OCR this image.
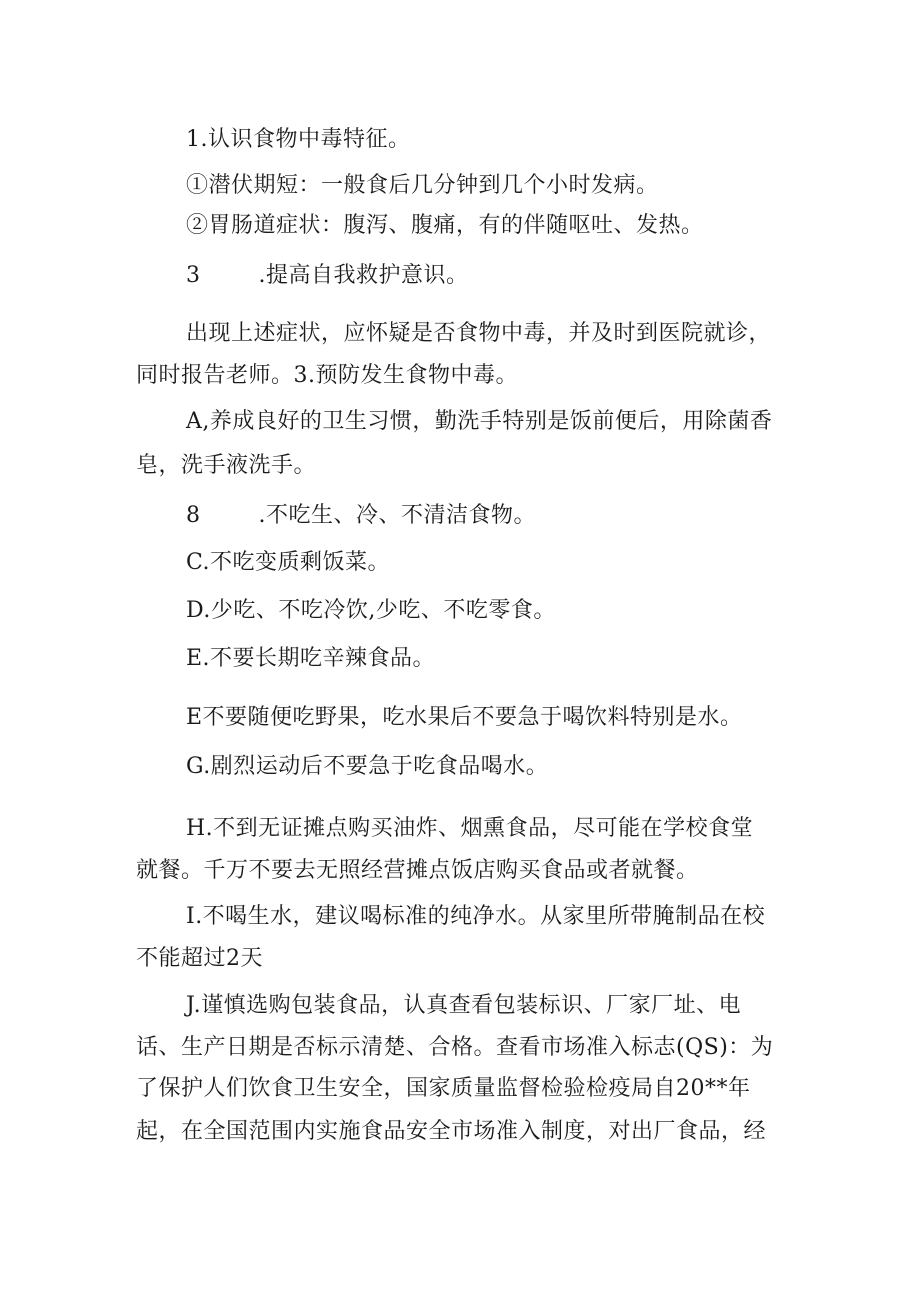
1.认识食物中毒特征。
①潜伏期短：一般食后几分钟到几个小时发病。
②胃肠道症状：腹泻、腹痛，有的伴随呕吐、发热。
3	.提高自我救护意识。
出现上述症状，应怀疑是否食物中毒，并及时到医院就诊，
同时报告老师。3.预防发生食物中毒。
A,养成良好的卫生习惯，勤洗手特别是饭前便后，用除菌香
皂，洗手液洗手。
8	.不吃生、冷、不清洁食物。
C.不吃变质剩饭菜。
D.少吃、不吃冷饮,少吃、不吃零食。
E.不要长期吃辛辣食品。
E不要随便吃野果，吃水果后不要急于喝饮料特别是水。
G.剧烈运动后不要急于吃食品喝水。
H.不到无证摊点购买油炸、烟熏食品，尽可能在学校食堂
就餐。千万不要去无照经营摊点饭店购买食品或者就餐。
I.不喝生水，建议喝标准的纯净水。从家里所带腌制品在校
不能超过2天
J.谨慎选购包装食品，认真查看包装标识、厂家厂址、电
话、生产日期是否标示清楚、合格。查看市场准入标志(QS)：为
了保护人们饮食卫生安全，国家质量监督检验检疫局自20**年
起，在全国范围内实施食品安全市场准入制度，对出厂食品，经
